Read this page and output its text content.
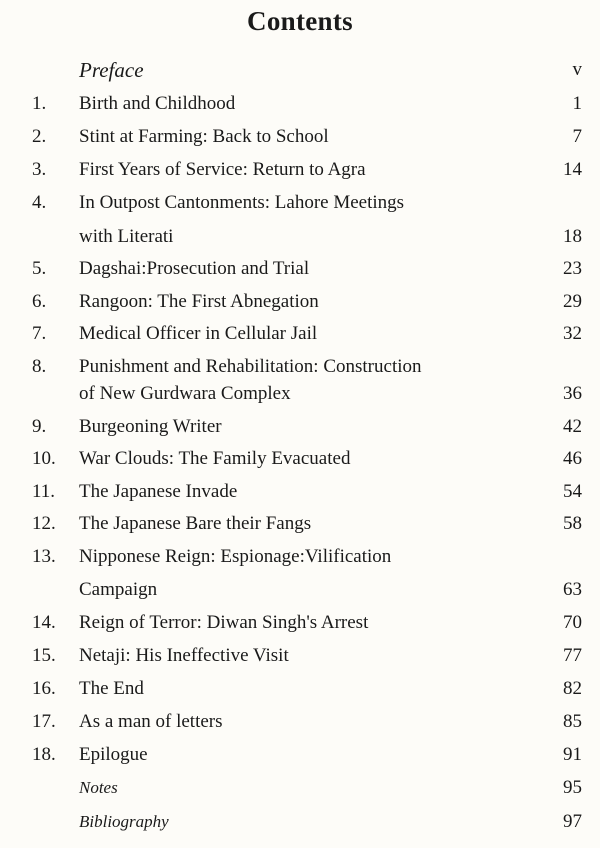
Contents
Preface	v
1. Birth and Childhood	1
2. Stint at Farming: Back to School	7
3. First Years of Service: Return to Agra	14
4. In Outpost Cantonments: Lahore Meetings
with Literati	18
5. Dagshai:Prosecution and Trial	23
6. Rangoon: The First Abnegation	29
7. Medical Officer in Cellular Jail	32
8. Punishment and Rehabilitation: Construction
of New Gurdwara Complex	36
9. Burgeoning Writer	42
10. War Clouds: The Family Evacuated	46
11. The Japanese Invade	54
12. The Japanese Bare their Fangs	58
13. Nipponese Reign: Espionage:Vilification
Campaign	63
14. Reign of Terror: Diwan Singh's Arrest	70
15. Netaji: His Ineffective Visit	77
16. The End	82
17. As a man of letters	85
18. Epilogue	91
Notes	95
Bibliography	97
